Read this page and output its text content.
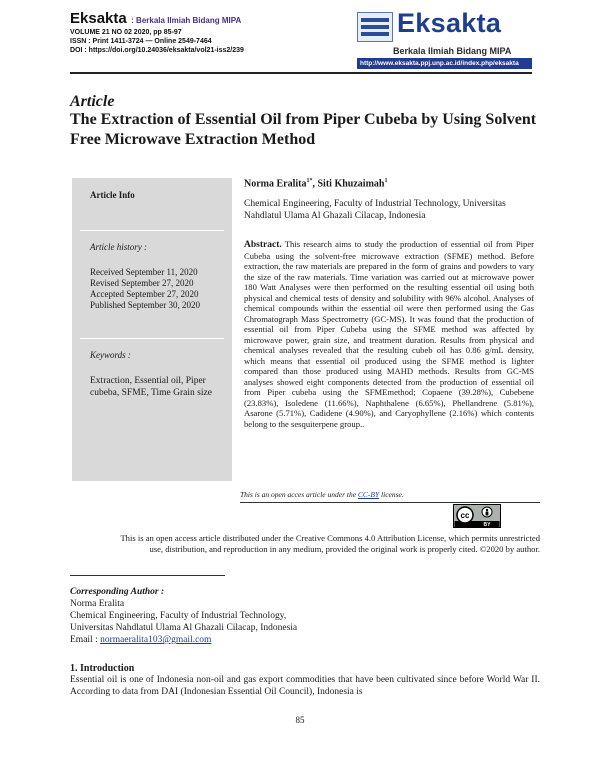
Eksakta : Berkala Ilmiah Bidang MIPA
VOLUME 21 NO 02 2020, pp 85-97
ISSN : Print 1411-3724 — Online 2549-7464
DOI : https://doi.org/10.24036/eksakta/vol21-iss2/239
Eksakta
Berkala Ilmiah Bidang MIPA
http://www.eksakta.ppj.unp.ac.id/index.php/eksakta
Article
The Extraction of Essential Oil from Piper Cubeba by Using Solvent Free Microwave Extraction Method
Article Info
Article history :
Received September 11, 2020
Revised September 27, 2020
Accepted September 27, 2020
Published September 30, 2020
Keywords :
Extraction, Essential oil, Piper cubeba, SFME, Time Grain size
Norma Eralita$^{1*}$, Siti Khuzaimah$^1$
Chemical Engineering, Faculty of Industrial Technology, Universitas Nahdlatul Ulama Al Ghazali Cilacap, Indonesia
Abstract. This research aims to study the production of essential oil from Piper Cubeba using the solvent-free microwave extraction (SFME) method. Before extraction, the raw materials are prepared in the form of grains and powders to vary the size of the raw materials. Time variation was carried out at microwave power 180 Watt Analyses were then performed on the resulting essential oil using both physical and chemical tests of density and solubility with 96% alcohol. Analyses of chemical compounds within the essential oil were then performed using the Gas Chromatograph Mass Spectrometry (GC-MS). It was found that the production of essential oil from Piper Cubeba using the SFME method was affected by microwave power, grain size, and treatment duration. Results from physical and chemical analyses revealed that the resulting cubeb oil has 0.86 g/mL density, which means that essential oil produced using the SFME method is lighter compared than those produced using MAHD methods. Results from GC-MS analyses showed eight components detected from the production of essential oil from Piper cubeba using the SFMEmethod; Copaene (39.28%), Cubebene (23.83%), Isoledene (11.66%), Naphthalene (6.65%), Phellandrene (5.81%), Asarone (5.71%), Cadidene (4.90%), and Caryophyllene (2.16%) which contents belong to the sesquiterpene group..
This is an open acces article under the CC-BY license.
cc
BY
This is an open access article distributed under the Creative Commons 4.0 Attribution License, which permits unrestricted use, distribution, and reproduction in any medium, provided the original work is properly cited. ©2020 by author.
Corresponding Author :
Norma Eralita
Chemical Engineering, Faculty of Industrial Technology,
Universitas Nahdlatul Ulama Al Ghazali Cilacap, Indonesia
Email : normaeralita103@gmail.com
1. Introduction
Essential oil is one of Indonesia non-oil and gas export commodities that have been cultivated since before World War II. According to data from DAI (Indonesian Essential Oil Council), Indonesia is
85
